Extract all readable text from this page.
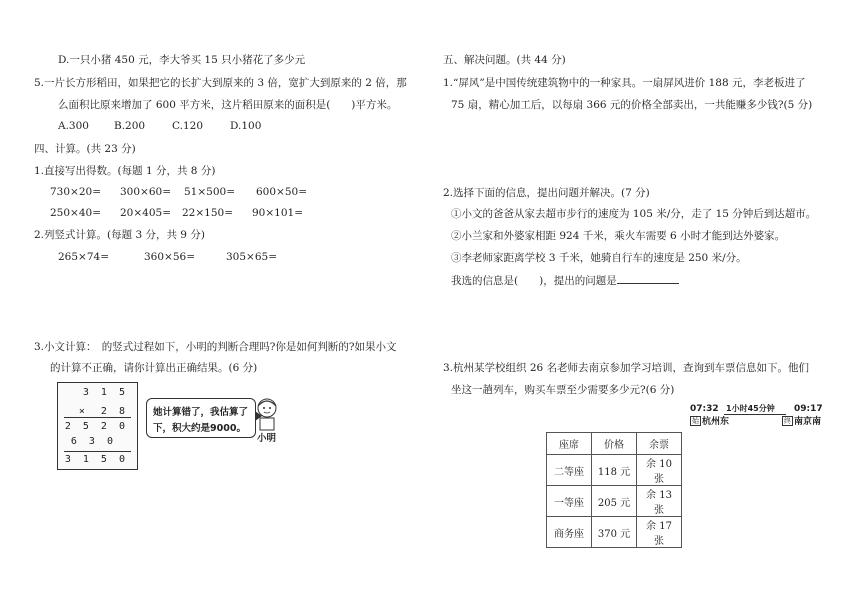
D.一只小猪 450 元，李大爷买 15 只小猪花了多少元
5.一片长方形稻田，如果把它的长扩大到原来的 3 倍，宽扩大到原来的 2 倍，那
么面积比原来增加了 600 平方米，这片稻田原来的面积是(　　)平方米。
A.300 B.200	C.120	D.100
四、计算。(共 23 分)
1.直接写出得数。(每题 1 分，共 8 分)
730×20= 300×60= 51×500= 600×50=
250×40= 20×405= 22×150= 90×101=
2.列竖式计算。(每题 3 分，共 9 分)
265×74=	360×56=	305×65=
3.小文计算：　的竖式过程如下，小明的判断合理吗?你是如何判断的?如果小文
的计算不正确，请你计算出正确结果。(6 分)
3 1 5
×　2 8
2 5 2 0
6 3 0
3 1 5 0
她计算错了，我估算了
下，积大约是9000。
小明
五、解决问题。(共 44 分)
1.“屏风”是中国传统建筑物中的一种家具。一扇屏风进价 188 元，李老板进了
75 扇，精心加工后，以每扇 366 元的价格全部卖出，一共能赚多少钱?(5 分)
2.选择下面的信息，提出问题并解决。(7 分)
①小文的爸爸从家去超市步行的速度为 105 米/分，走了 15 分钟后到达超市。
②小兰家和外婆家相距 924 千米，乘火车需要 6 小时才能到达外婆家。
③李老师家距离学校 3 千米，她骑自行车的速度是 250 米/分。
我选的信息是(　　)，提出的问题是
3.杭州某学校组织 26 名老师去南京参加学习培训，查询到车票信息如下。他们
坐这一趟列车，购买车票至少需要多少元?(6 分)
07:32 1小时45分钟 09:17
始 杭州东	终 南京南
座席	价格	余票
二等座	118 元	余 10 张
一等座	205 元	余 13 张
商务座	370 元	余 17 张
